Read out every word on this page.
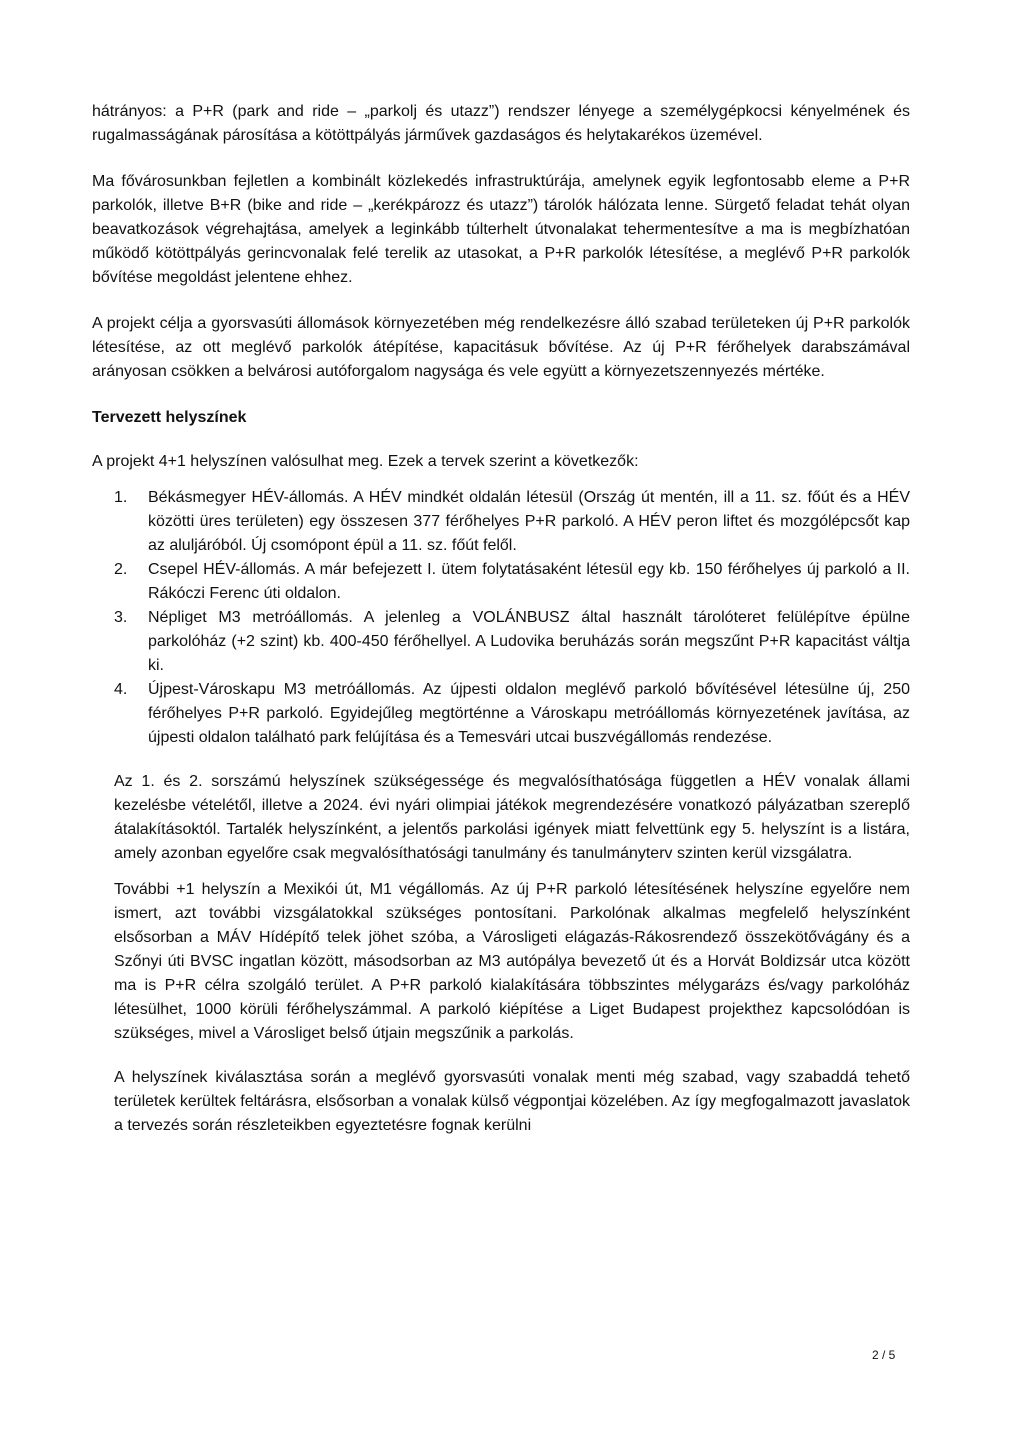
hátrányos: a P+R (park and ride – „parkolj és utazz”) rendszer lényege a személygépkocsi kényelmének és rugalmasságának párosítása a kötöttpályás járművek gazdaságos és helytakarékos üzemével.

Ma fővárosunkban fejletlen a kombinált közlekedés infrastruktúrája, amelynek egyik legfontosabb eleme a P+R parkolók, illetve B+R (bike and ride – „kerékpározz és utazz”) tárolók hálózata lenne. Sürgető feladat tehát olyan beavatkozások végrehajtása, amelyek a leginkább túlterhelt útvonalakat tehermentesítve a ma is megbízhatóan működő kötöttpályás gerincvonalak felé terelik az utasokat, a P+R parkolók létesítése, a meglévő P+R parkolók bővítése megoldást jelentene ehhez.

A projekt célja a gyorsvasúti állomások környezetében még rendelkezésre álló szabad területeken új P+R parkolók létesítése, az ott meglévő parkolók átépítése, kapacitásuk bővítése. Az új P+R férőhelyek darabszámával arányosan csökken a belvárosi autóforgalom nagysága és vele együtt a környezetszennyezés mértéke.

Tervezett helyszínek

A projekt 4+1 helyszínen valósulhat meg. Ezek a tervek szerint a következők:

1. Békásmegyer HÉV-állomás. A HÉV mindkét oldalán létesül (Ország út mentén, ill a 11. sz. főút és a HÉV közötti üres területen) egy összesen 377 férőhelyes P+R parkoló. A HÉV peron liftet és mozgólépcsőt kap az aluljáróból. Új csomópont épül a 11. sz. főút felől.
2. Csepel HÉV-állomás. A már befejezett I. ütem folytatásaként létesül egy kb. 150 férőhelyes új parkoló a II. Rákóczi Ferenc úti oldalon.
3. Népliget M3 metróállomás. A jelenleg a VOLÁNBUSZ által használt tárolóteret felülépítve épülne parkolóház (+2 szint) kb. 400-450 férőhellyel. A Ludovika beruházás során megszűnt P+R kapacitást váltja ki.
4. Újpest-Városkapu M3 metróállomás. Az újpesti oldalon meglévő parkoló bővítésével létesülne új, 250 férőhelyes P+R parkoló. Egyidejűleg megtörténne a Városkapu metróállomás környezetének javítása, az újpesti oldalon található park felújítása és a Temesvári utcai buszvégállomás rendezése.

Az 1. és 2. sorszámú helyszínek szükségessége és megvalósíthatósága független a HÉV vonalak állami kezelésbe vételétől, illetve a 2024. évi nyári olimpiai játékok megrendezésére vonatkozó pályázatban szereplő átalakításoktól. Tartalék helyszínként, a jelentős parkolási igények miatt felvettünk egy 5. helyszínt is a listára, amely azonban egyelőre csak megvalósíthatósági tanulmány és tanulmányterv szinten kerül vizsgálatra.

További +1 helyszín a Mexikói út, M1 végállomás. Az új P+R parkoló létesítésének helyszíne egyelőre nem ismert, azt további vizsgálatokkal szükséges pontosítani. Parkolónak alkalmas megfelelő helyszínként elsősorban a MÁV Hídépítő telek jöhet szóba, a Városligeti elágazás-Rákosrendező összekötővágány és a Szőnyi úti BVSC ingatlan között, másodsorban az M3 autópálya bevezető út és a Horvát Boldizsár utca között ma is P+R célra szolgáló terület. A P+R parkoló kialakítására többszintes mélygarázs és/vagy parkolóház létesülhet, 1000 körüli férőhelyszámmal. A parkoló kiépítése a Liget Budapest projekthez kapcsolódóan is szükséges, mivel a Városliget belső útjain megszűnik a parkolás.

A helyszínek kiválasztása során a meglévő gyorsvasúti vonalak menti még szabad, vagy szabaddá tehető területek kerültek feltárásra, elsősorban a vonalak külső végpontjai közelében. Az így megfogalmazott javaslatok a tervezés során részleteikben egyeztetésre fognak kerülni

2 / 5
